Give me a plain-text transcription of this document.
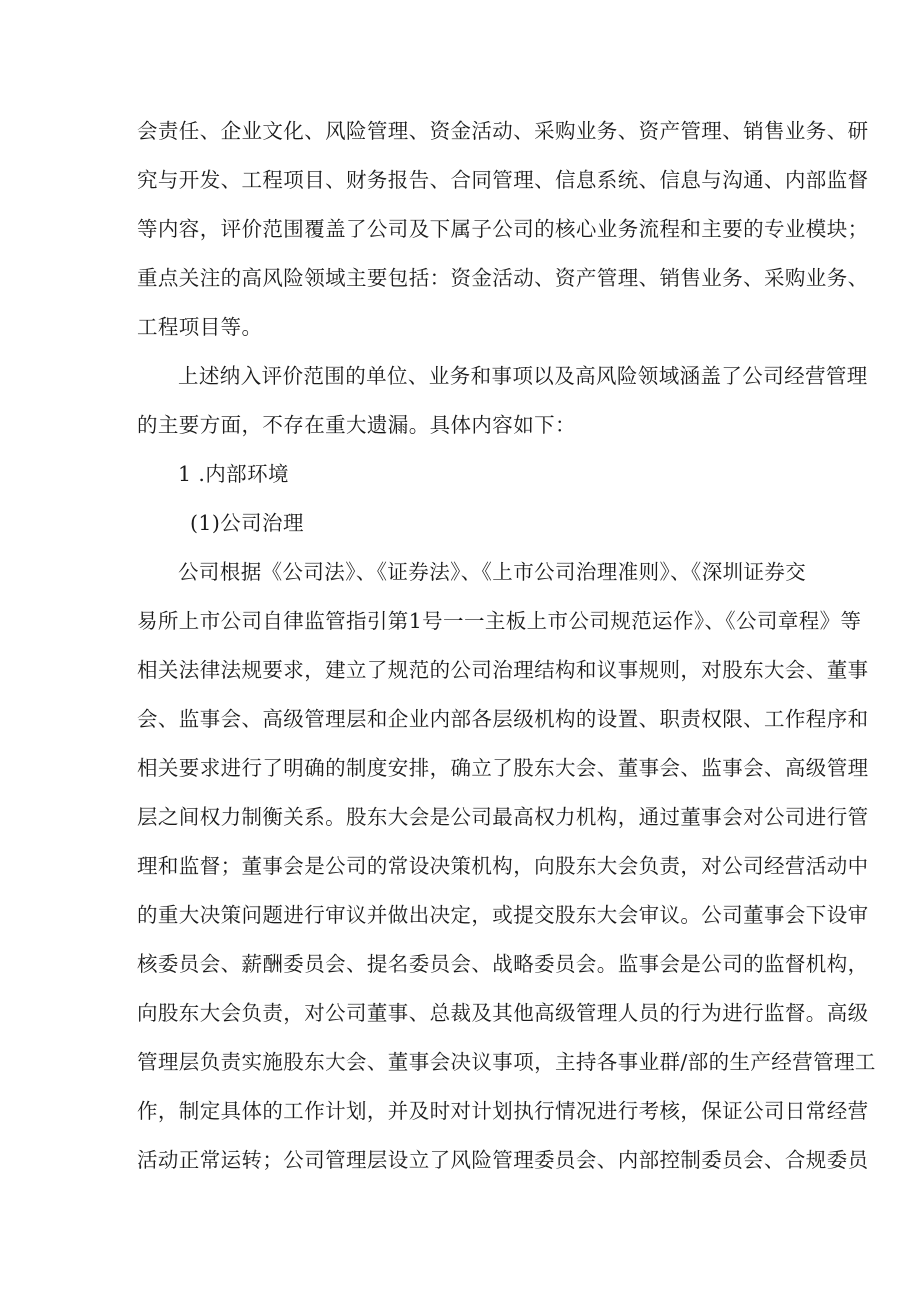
会责任、企业文化、风险管理、资金活动、采购业务、资产管理、销售业务、研
究与开发、工程项目、财务报告、合同管理、信息系统、信息与沟通、内部监督
等内容，评价范围覆盖了公司及下属子公司的核心业务流程和主要的专业模块；
重点关注的高风险领域主要包括：资金活动、资产管理、销售业务、采购业务、
工程项目等。
上述纳入评价范围的单位、业务和事项以及高风险领域涵盖了公司经营管理
的主要方面，不存在重大遗漏。具体内容如下：
1 .内部环境
(1)公司治理
公司根据《公司法》、《证券法》、《上市公司治理准则》、《深圳证券交
易所上市公司自律监管指引第1号一一主板上市公司规范运作》、《公司章程》等
相关法律法规要求，建立了规范的公司治理结构和议事规则，对股东大会、董事
会、监事会、高级管理层和企业内部各层级机构的设置、职责权限、工作程序和
相关要求进行了明确的制度安排，确立了股东大会、董事会、监事会、高级管理
层之间权力制衡关系。股东大会是公司最高权力机构，通过董事会对公司进行管
理和监督；董事会是公司的常设决策机构，向股东大会负责，对公司经营活动中
的重大决策问题进行审议并做出决定，或提交股东大会审议。公司董事会下设审
核委员会、薪酬委员会、提名委员会、战略委员会。监事会是公司的监督机构，
向股东大会负责，对公司董事、总裁及其他高级管理人员的行为进行监督。高级
管理层负责实施股东大会、董事会决议事项，主持各事业群/部的生产经营管理工
作，制定具体的工作计划，并及时对计划执行情况进行考核，保证公司日常经营
活动正常运转；公司管理层设立了风险管理委员会、内部控制委员会、合规委员
